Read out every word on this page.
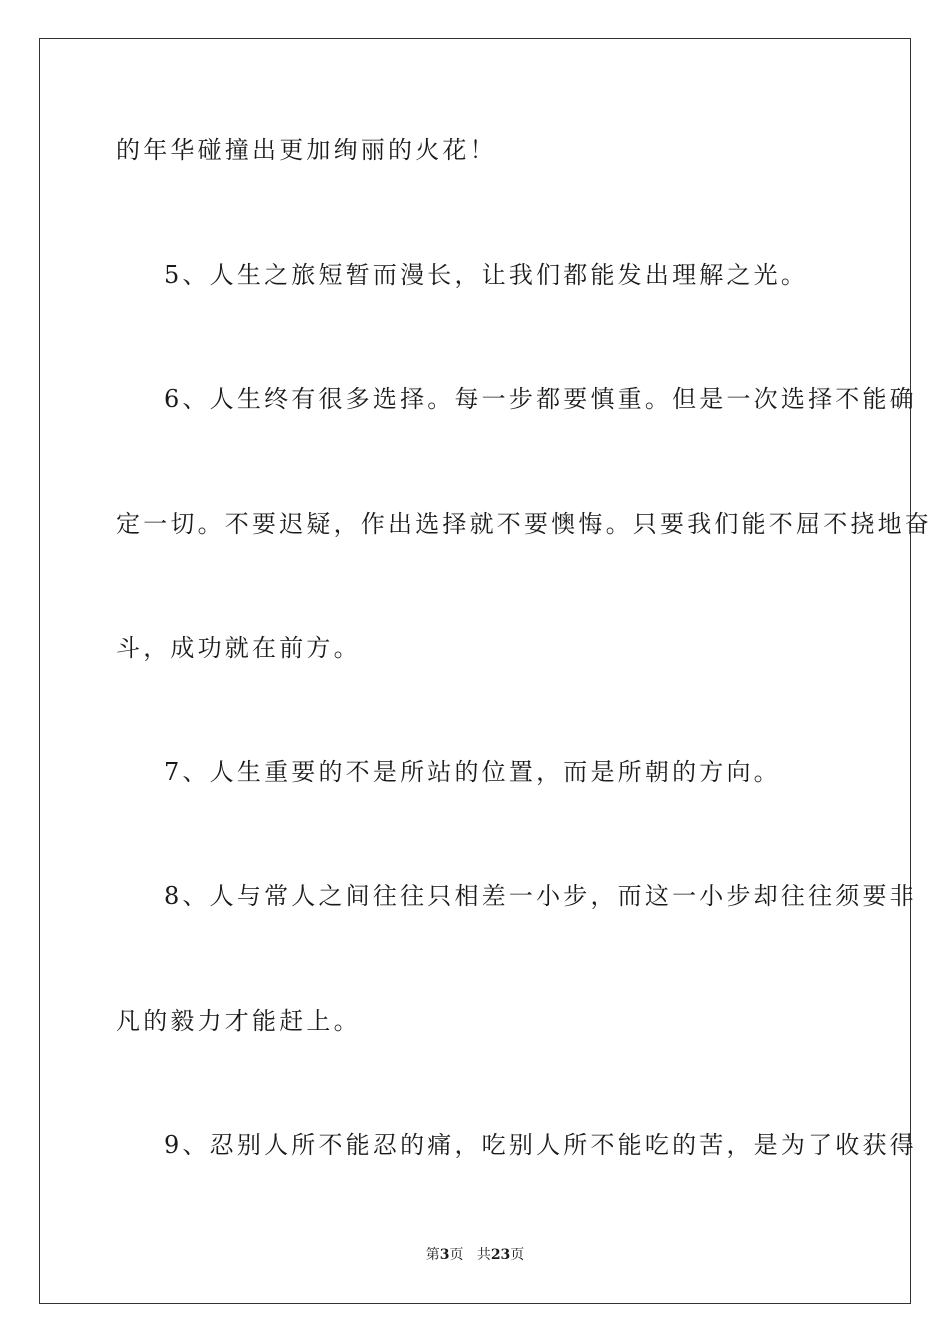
的年华碰撞出更加绚丽的火花！
5、人生之旅短暂而漫长，让我们都能发出理解之光。
6、人生终有很多选择。每一步都要慎重。但是一次选择不能确
定一切。不要迟疑，作出选择就不要懊悔。只要我们能不屈不挠地奋
斗，成功就在前方。
7、人生重要的不是所站的位置，而是所朝的方向。
8、人与常人之间往往只相差一小步，而这一小步却往往须要非
凡的毅力才能赶上。
9、忍别人所不能忍的痛，吃别人所不能吃的苦，是为了收获得
第3页 共23页
